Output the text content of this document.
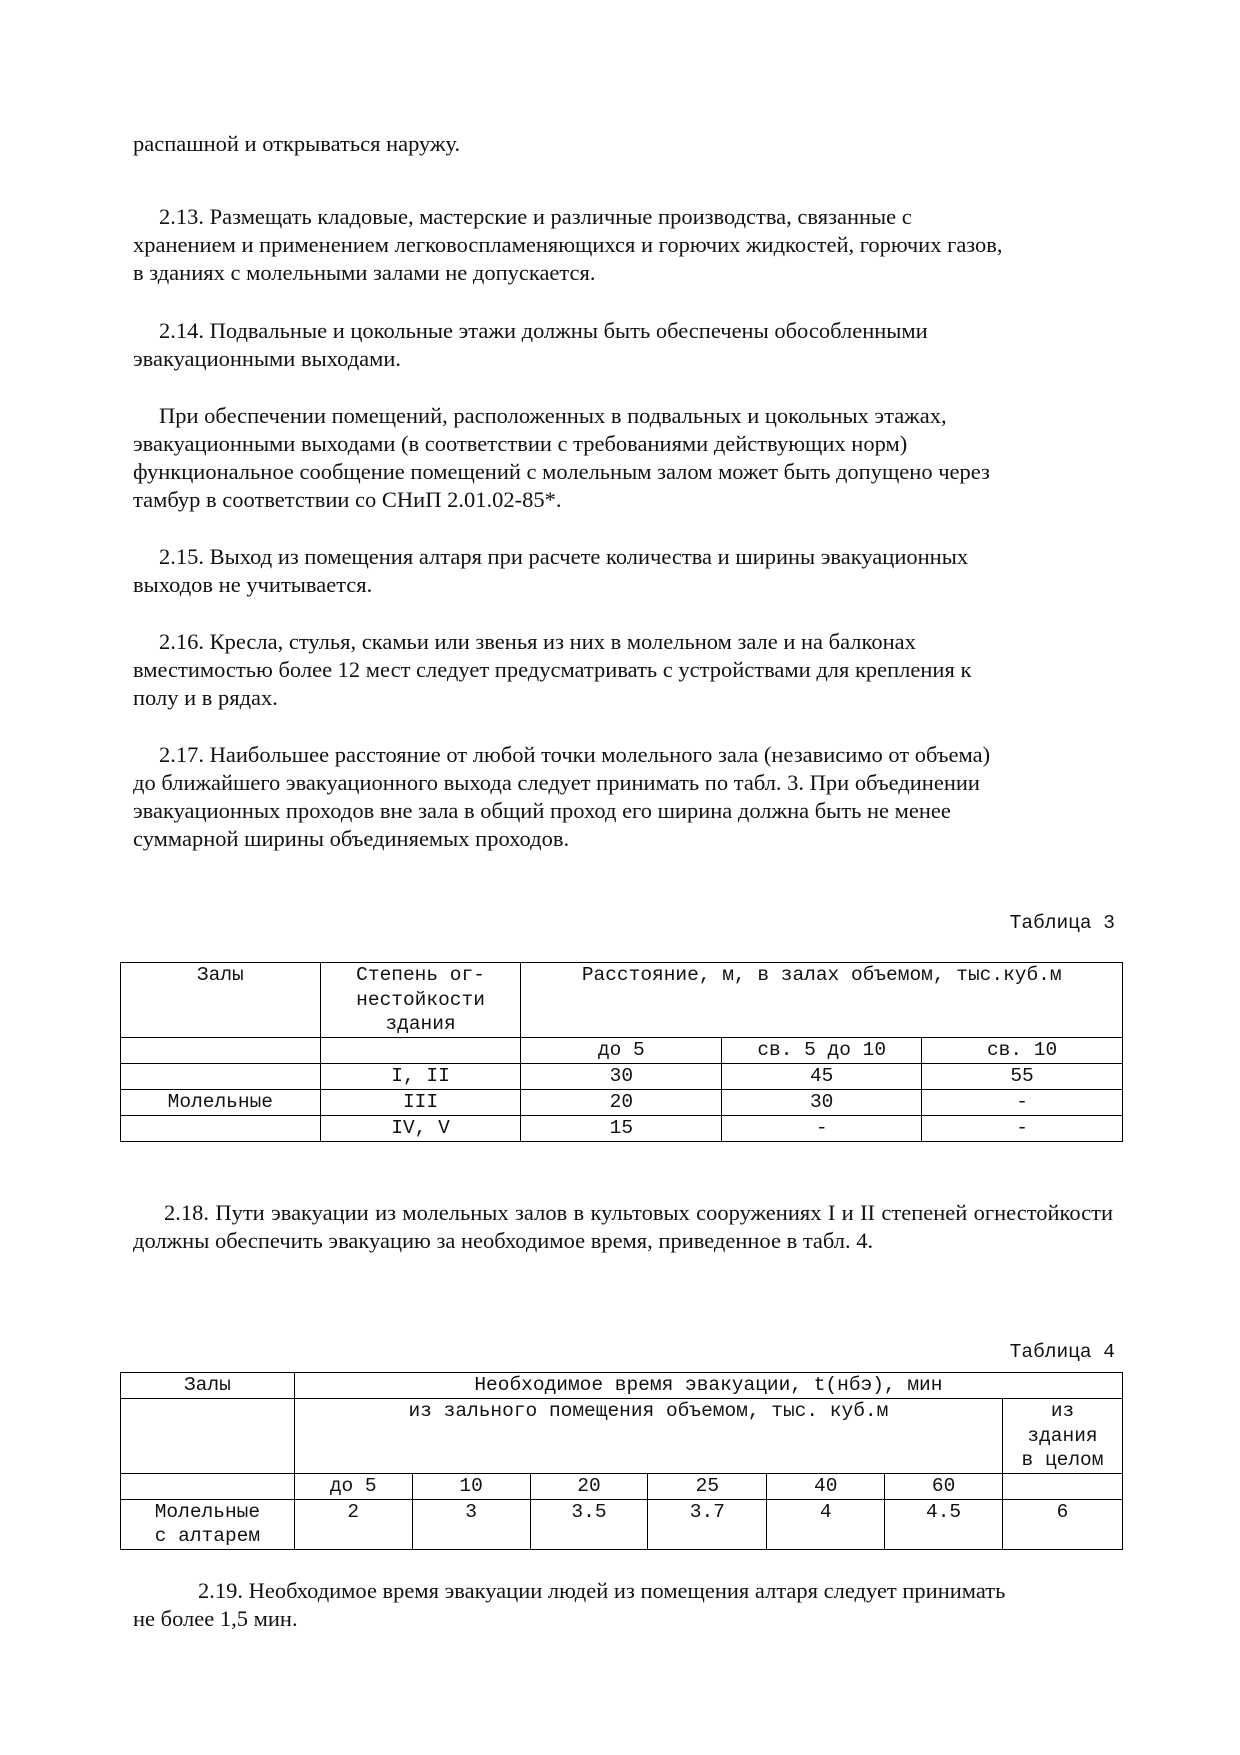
распашной и открываться наружу.

2.13. Размещать кладовые, мастерские и различные производства, связанные с
хранением и применением легковоспламеняющихся и горючих жидкостей, горючих газов,
в зданиях с молельными залами не допускается.

2.14. Подвальные и цокольные этажи должны быть обеспечены обособленными
эвакуационными выходами.

При обеспечении помещений, расположенных в подвальных и цокольных этажах,
эвакуационными выходами (в соответствии с требованиями действующих норм)
функциональное сообщение помещений с молельным залом может быть допущено через
тамбур в соответствии со СНиП 2.01.02-85*.

2.15. Выход из помещения алтаря при расчете количества и ширины эвакуационных
выходов не учитывается.

2.16. Кресла, стулья, скамьи или звенья из них в молельном зале и на балконах
вместимостью более 12 мест следует предусматривать с устройствами для крепления к
полу и в рядах.

2.17. Наибольшее расстояние от любой точки молельного зала (независимо от объема)
до ближайшего эвакуационного выхода следует принимать по табл. 3. При объединении
эвакуационных проходов вне зала в общий проход его ширина должна быть не менее
суммарной ширины объединяемых проходов.

Таблица 3
Залы	Степень ог-
нестойкости
здания	Расстояние, м, в залах объемом, тыс.куб.м		
		до 5	св. 5 до 10	св. 10
	I, II	30	45	55
Молельные	III	20	30	-
	IV, V	15	-	-

2.18. Пути эвакуации из молельных залов в культовых сооружениях I и II степеней огнестойкости должны обеспечить эвакуацию за необходимое время, приведенное в табл. 4.

Таблица 4
Залы	Необходимое время эвакуации, t(нбэ), мин						
	из зального помещения объемом, тыс. куб.м						из
здания
в целом

	до 5	10	20	25	40	60	

Молельные
с алтарем	2	3	3.5	3.7	4	4.5	6

2.19. Необходимое время эвакуации людей из помещения алтаря следует принимать
не более 1,5 мин.
